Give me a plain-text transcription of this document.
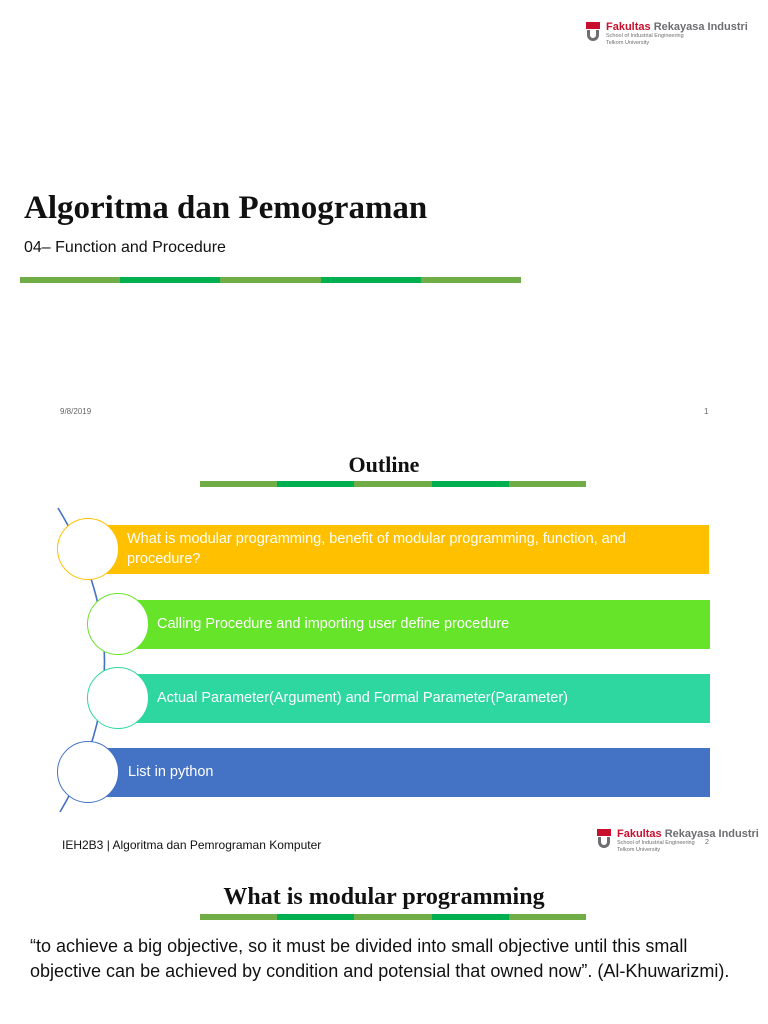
Fakultas Rekayasa Industri
School of Industrial Engineering
Telkom University
Algoritma dan Pemograman
04– Function and Procedure
9/8/2019	1
Outline
What is modular programming, benefit of modular programming, function, and procedure?
Calling Procedure and importing user define procedure
Actual Parameter(Argument) and Formal Parameter(Parameter)
List in python
IEH2B3 | Algoritma dan Pemrograman Komputer
Fakultas Rekayasa Industri
School of Industrial Engineering
Telkom University
2
What is modular programming
“to achieve a big objective, so it must be divided into small objective until this small objective can be achieved by condition and potensial that owned now”. (Al-Khuwarizmi).
